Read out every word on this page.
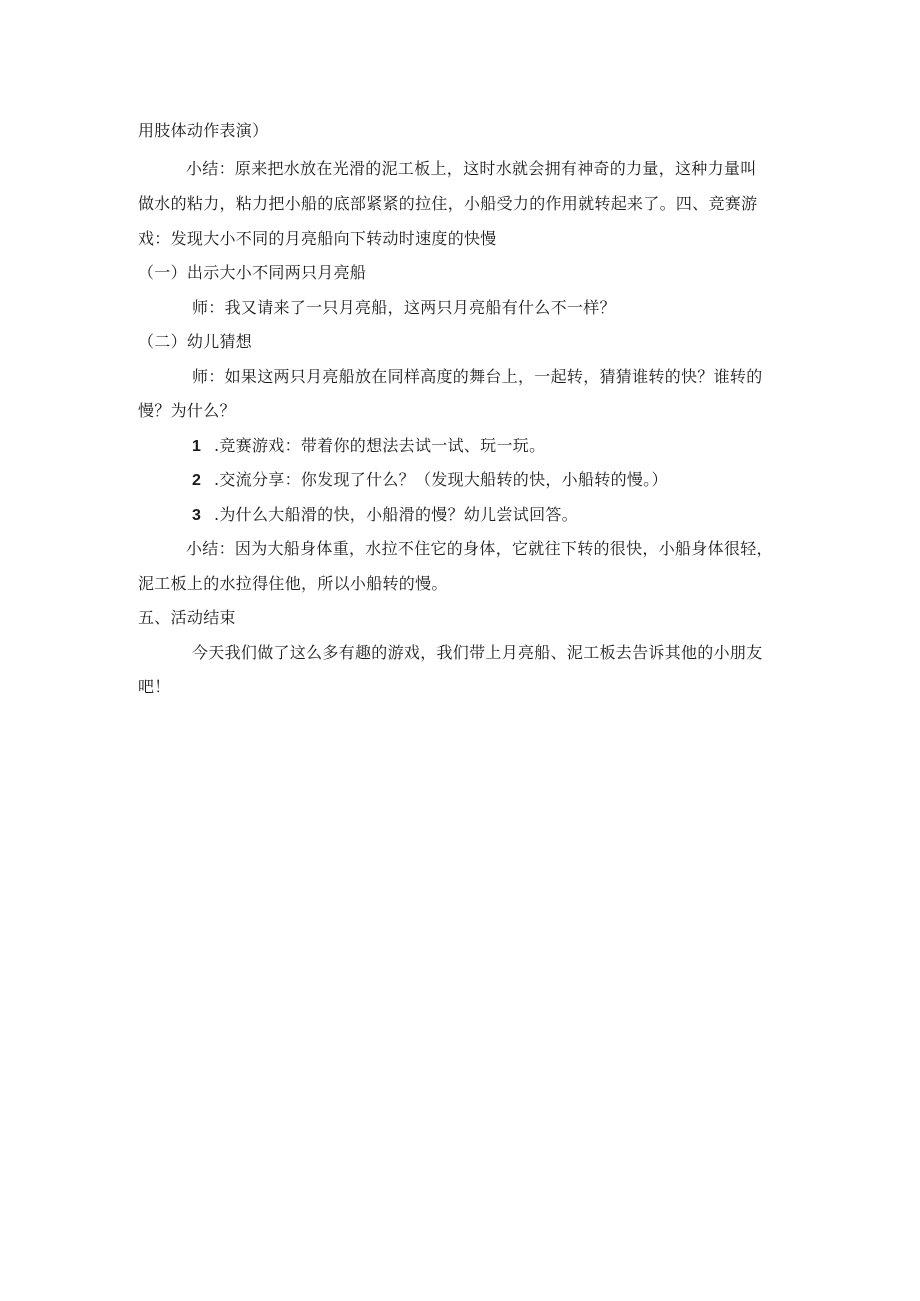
用肢体动作表演）
小结：原来把水放在光滑的泥工板上，这时水就会拥有神奇的力量，这种力量叫
做水的粘力，粘力把小船的底部紧紧的拉住，小船受力的作用就转起来了。四、竞赛游
戏：发现大小不同的月亮船向下转动时速度的快慢
（一）出示大小不同两只月亮船
师：我又请来了一只月亮船，这两只月亮船有什么不一样？
（二）幼儿猜想
师：如果这两只月亮船放在同样高度的舞台上，一起转，猜猜谁转的快？谁转的
慢？为什么？
1 .竞赛游戏：带着你的想法去试一试、玩一玩。
2 .交流分享：你发现了什么？（发现大船转的快，小船转的慢。）
3 .为什么大船滑的快，小船滑的慢？幼儿尝试回答。
小结：因为大船身体重，水拉不住它的身体，它就往下转的很快，小船身体很轻，
泥工板上的水拉得住他，所以小船转的慢。
五、活动结束
今天我们做了这么多有趣的游戏，我们带上月亮船、泥工板去告诉其他的小朋友
吧！
